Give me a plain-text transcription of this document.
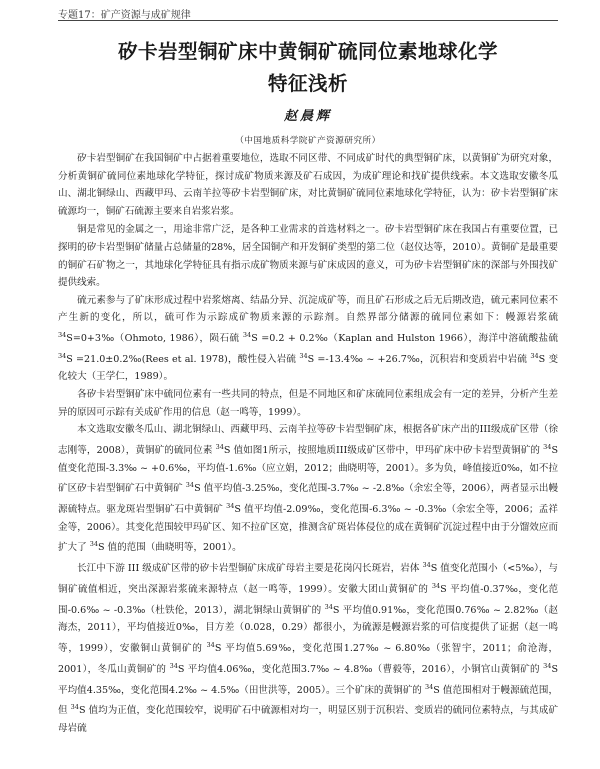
专题17：矿产资源与成矿规律
矽卡岩型铜矿床中黄铜矿硫同位素地球化学
特征浅析
赵晨辉
（中国地质科学院矿产资源研究所）

矽卡岩型铜矿在我国铜矿中占据着重要地位，选取不同区带、不同成矿时代的典型铜矿床，以黄铜矿为研究对象，分析黄铜矿硫同位素地球化学特征，探讨成矿物质来源及矿石成因，为成矿理论和找矿提供线索。本文选取安徽冬瓜山、湖北铜绿山、西藏甲玛、云南羊拉等矽卡岩型铜矿床，对比黄铜矿硫同位素地球化学特征，认为：矽卡岩型铜矿床硫源均一，铜矿石硫源主要来自岩浆岩浆。

铜是常见的金属之一，用途非常广泛，是各种工业需求的首选材料之一。矽卡岩型铜矿床在我国占有重要位置，已探明的矽卡岩型铜矿储量占总储量的28%，居全国铜产和开发铜矿类型的第二位（赵仪达等，2010）。黄铜矿是最重要的铜矿石矿物之一，其地球化学特征具有指示成矿物质来源与矿床成因的意义，可为矽卡岩型铜矿床的深部与外围找矿提供线索。

硫元素参与了矿床形成过程中岩浆熔离、结晶分异、沉淀成矿等，而且矿石形成之后无后期改造，硫元素同位素不产生新的变化，所以，硫可作为示踪成矿物质来源的示踪剂。自然界部分储源的硫同位素如下：幔源岩浆硫 $^{34}$S=0+3‰（Ohmoto, 1986），陨石硫 $^{34}$S =0.2 + 0.2‰（Kaplan and Hulston 1966），海洋中溶硫酸盐硫 $^{34}$S =21.0±0.2‰(Rees et al. 1978)，酸性侵入岩硫 $^{34}$S =-13.4‰ ~ +26.7‰，沉积岩和变质岩中岩硫 $^{34}$S 变化较大（王学仁，1989）。

各矽卡岩型铜矿床中硫同位素有一些共同的特点，但是不同地区和矿床硫同位素组成会有一定的差异，分析产生差异的原因可示踪有关成矿作用的信息（赵一鸣等，1999）。

本文选取安徽冬瓜山、湖北铜绿山、西藏甲玛、云南羊拉等矽卡岩型铜矿床，根据各矿床产出的III级成矿区带（徐志刚等，2008），黄铜矿的硫同位素 $^{34}$S 值如图1所示，按照地质III级成矿区带中，甲玛矿床中矽卡岩型黄铜矿的 $^{34}$S 值变化范围-3.3‰ ~ +0.6‰，平均值-1.6‰（应立娟，2012；曲晓明等，2001）。多为负，峰值接近0‰，如不拉矿区矽卡岩型铜矿石中黄铜矿 $^{34}$S 值平均值-3.25‰，变化范围-3.7‰ ~ -2.8‰（余宏全等，2006），两者显示出幔源硫特点。驱龙斑岩型铜矿石中黄铜矿 $^{34}$S 值平均值-2.09‰，变化范围-6.3‰ ~ -0.3‰（余宏全等，2006；孟祥金等，2006）。其变化范围较甲玛矿区、知不拉矿区宽，推测含矿斑岩体侵位的成在黄铜矿沉淀过程中由于分馏效应而扩大了 $^{34}$S 值的范围（曲晓明等，2001）。

长江中下游 III 级成矿区带的矽卡岩型铜矿床成矿母岩主要是花岗闪长斑岩，岩体 $^{34}$S 值变化范围小（<5‰），与铜矿硫值相近，突出深源岩浆硫来源特点（赵一鸣等，1999）。安徽大团山黄铜矿的 $^{34}$S 平均值-0.37‰，变化范围-0.6‰ ~ -0.3‰（杜铁伦，2013），湖北铜绿山黄铜矿的 $^{34}$S 平均值0.91‰，变化范围0.76‰ ~ 2.82‰（赵海杰，2011），平均值接近0‰，目方差（0.028，0.29）都很小，为硫源是幔源岩浆的可信度提供了证据（赵一鸣等，1999），安徽铜山黄铜矿的 $^{34}$S 平均值5.69‰，变化范围1.27‰ ~ 6.80‰（张智宇，2011；俞沧海，2001），冬瓜山黄铜矿的 $^{34}$S 平均值4.06‰，变化范围3.7‰ ~ 4.8‰（曹毅等，2016），小铜官山黄铜矿的 $^{34}$S 平均值4.35‰，变化范围4.2‰ ~ 4.5‰（田世洪等，2005）。三个矿床的黄铜矿的 $^{34}$S 值范围相对于幔源硫范围，但 $^{34}$S 值均为正值，变化范围较窄，说明矿石中硫源相对均一，明显区别于沉积岩、变质岩的硫同位素特点，与其成矿母岩硫
